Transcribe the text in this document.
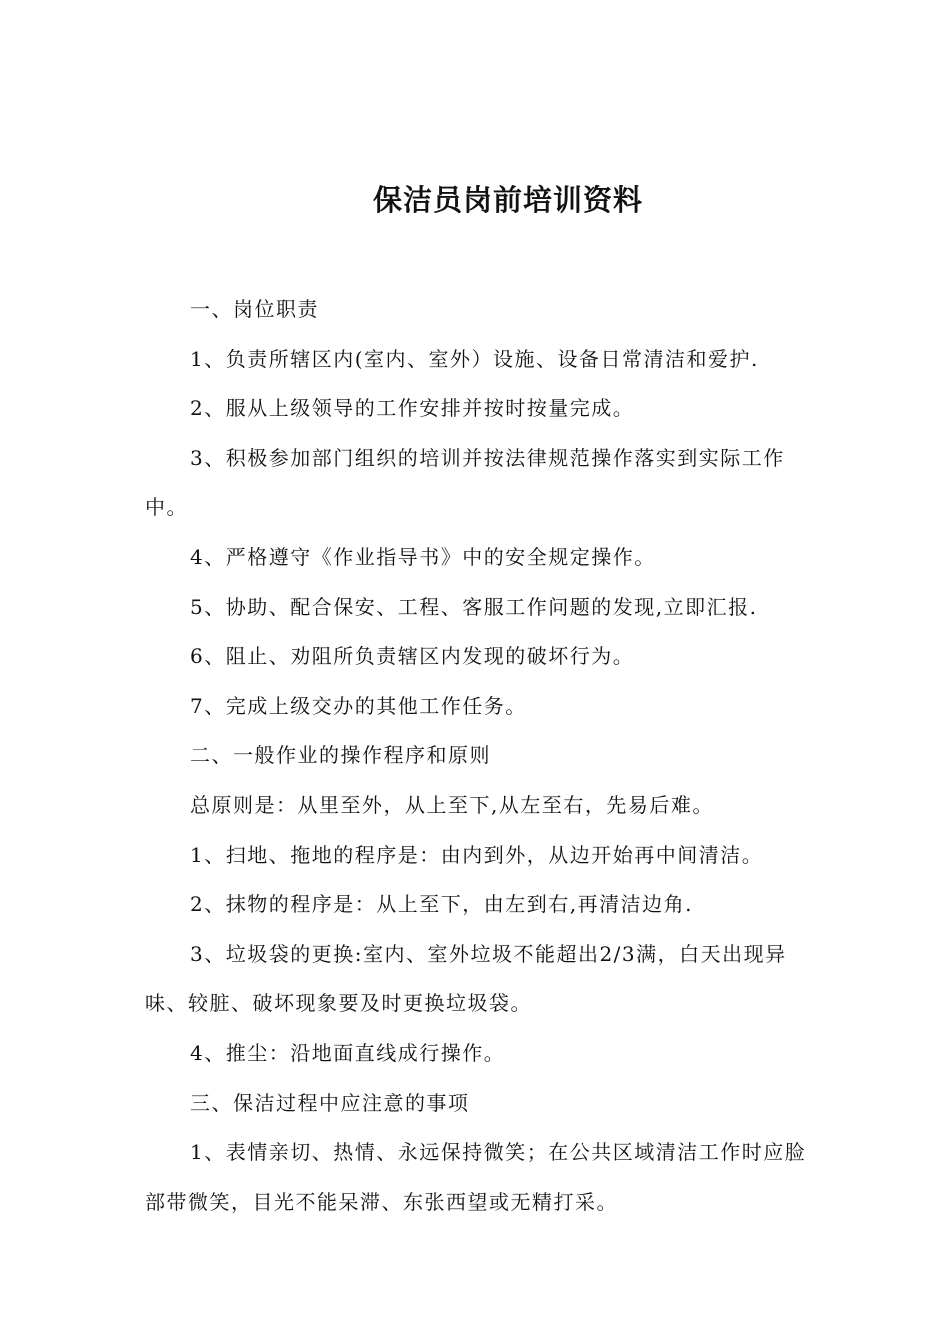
保洁员岗前培训资料

一、岗位职责

1、负责所辖区内(室内、室外）设施、设备日常清洁和爱护.

2、服从上级领导的工作安排并按时按量完成。

3、积极参加部门组织的培训并按法律规范操作落实到实际工作中。

4、严格遵守《作业指导书》中的安全规定操作。

5、协助、配合保安、工程、客服工作问题的发现,立即汇报.

6、阻止、劝阻所负责辖区内发现的破坏行为。

7、完成上级交办的其他工作任务。

二、一般作业的操作程序和原则

总原则是：从里至外，从上至下,从左至右，先易后难。

1、扫地、拖地的程序是：由内到外，从边开始再中间清洁。

2、抹物的程序是：从上至下，由左到右,再清洁边角.

3、垃圾袋的更换:室内、室外垃圾不能超出2/3满，白天出现异味、较脏、破坏现象要及时更换垃圾袋。

4、推尘：沿地面直线成行操作。

三、保洁过程中应注意的事项

1、表情亲切、热情、永远保持微笑；在公共区域清洁工作时应脸部带微笑，目光不能呆滞、东张西望或无精打采。
